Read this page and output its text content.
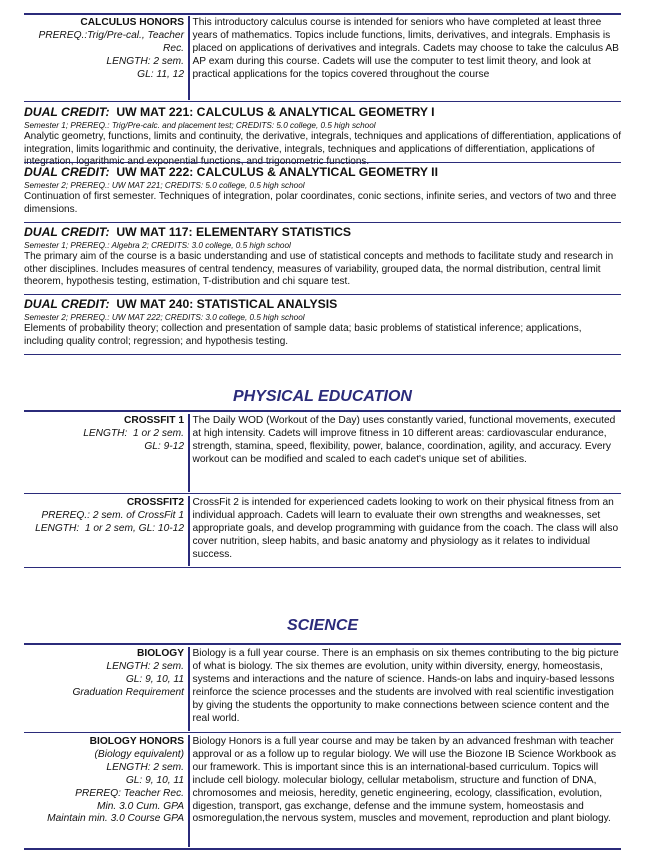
CALCULUS HONORS
PREREQ.:Trig/Pre-cal., Teacher Rec.
LENGTH: 2 sem.
GL: 11, 12
This introductory calculus course is intended for seniors who have completed at least three years of mathematics. Topics include functions, limits, derivatives, and integrals. Emphasis is placed on applications of derivatives and integrals. Cadets may choose to take the calculus AB AP exam during this course. Cadets will use the computer to test limit theory, and look at practical applications for the topics covered throughout the course
DUAL CREDIT: UW MAT 221: CALCULUS & ANALYTICAL GEOMETRY I
Semester 1; PREREQ.: Trig/Pre-calc. and placement test; CREDITS: 5.0 college, 0.5 high school
Analytic geometry, functions, limits and continuity, the derivative, integrals, techniques and applications of differentiation, applications of integration, limits logarithmic and continuity, the derivative, integrals, techniques and applications of differentiation, applications of integration, logarithmic and exponential functions, and trigonometric functions.
DUAL CREDIT: UW MAT 222: CALCULUS & ANALYTICAL GEOMETRY II
Semester 2; PREREQ.: UW MAT 221; CREDITS: 5.0 college, 0.5 high school
Continuation of first semester. Techniques of integration, polar coordinates, conic sections, infinite series, and vectors of two and three dimensions.
DUAL CREDIT: UW MAT 117: ELEMENTARY STATISTICS
Semester 1; PREREQ.: Algebra 2; CREDITS: 3.0 college, 0.5 high school
The primary aim of the course is a basic understanding and use of statistical concepts and methods to facilitate study and research in other disciplines. Includes measures of central tendency, measures of variability, grouped data, the normal distribution, central limit theorem, hypothesis testing, estimation, T-distribution and chi square test.
DUAL CREDIT: UW MAT 240: STATISTICAL ANALYSIS
Semester 2; PREREQ.: UW MAT 222; CREDITS: 3.0 college, 0.5 high school
Elements of probability theory; collection and presentation of sample data; basic problems of statistical inference; applications, including quality control; regression; and hypothesis testing.
PHYSICAL EDUCATION
CROSSFIT 1
LENGTH: 1 or 2 sem.
GL: 9-12
The Daily WOD (Workout of the Day) uses constantly varied, functional movements, executed at high intensity. Cadets will improve fitness in 10 different areas: cardiovascular endurance, strength, stamina, speed, flexibility, power, balance, coordination, agility, and accuracy. Every workout can be modified and scaled to each cadet's unique set of abilities.
CROSSFIT2
PREREQ.: 2 sem. of CrossFit 1
LENGTH: 1 or 2 sem, GL: 10-12
CrossFit 2 is intended for experienced cadets looking to work on their physical fitness from an individual approach. Cadets will learn to evaluate their own strengths and weaknesses, set appropriate goals, and develop programming with guidance from the coach. The class will also cover nutrition, sleep habits, and basic anatomy and physiology as it relates to individual success.
SCIENCE
BIOLOGY
LENGTH: 2 sem.
GL: 9, 10, 11
Graduation Requirement
Biology is a full year course. There is an emphasis on six themes contributing to the big picture of what is biology. The six themes are evolution, unity within diversity, energy, homeostasis, systems and interactions and the nature of science. Hands-on labs and inquiry-based lessons reinforce the science processes and the students are involved with real scientific investigation by giving the students the opportunity to make connections between science content and the real world.
BIOLOGY HONORS
(Biology equivalent)
LENGTH: 2 sem.
GL: 9, 10, 11
PREREQ: Teacher Rec.
Min. 3.0 Cum. GPA
Maintain min. 3.0 Course GPA
Biology Honors is a full year course and may be taken by an advanced freshman with teacher approval or as a follow up to regular biology. We will use the Biozone IB Science Workbook as our framework. This is important since this is an international-based curriculum. Topics will include cell biology. molecular biology, cellular metabolism, structure and function of DNA, chromosomes and meiosis, heredity, genetic engineering, ecology, classification, evolution, digestion, transport, gas exchange, defense and the immune system, homeostasis and osmoregulation,the nervous system, muscles and movement, reproduction and plant biology.
